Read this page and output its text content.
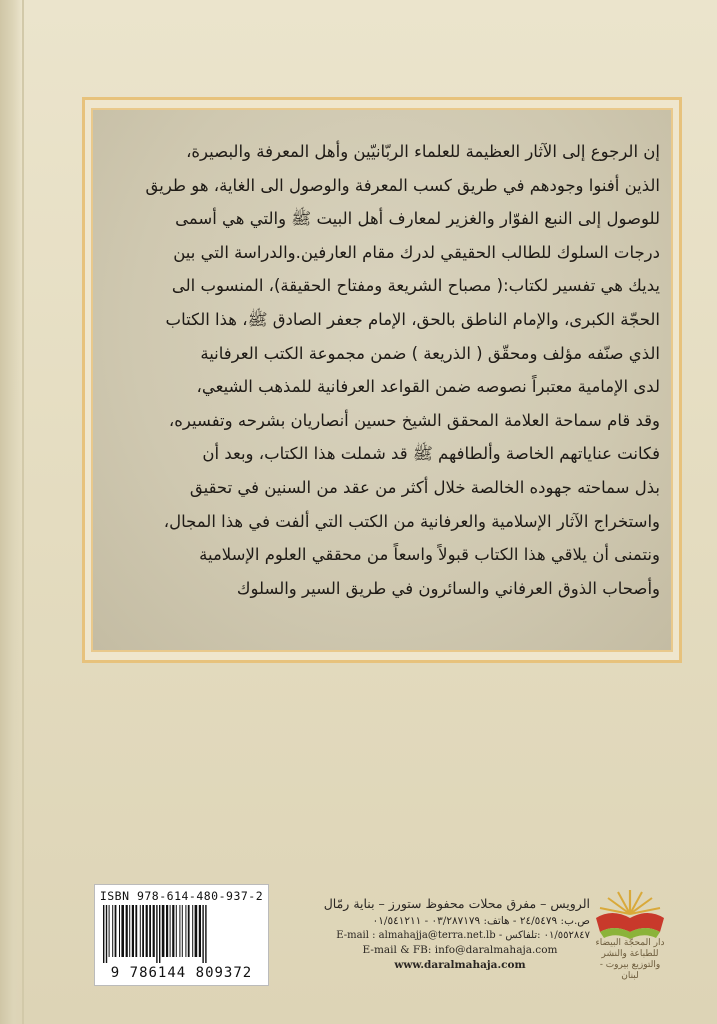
إن الرجوع إلى الآثار العظيمة للعلماء الربّانيّين وأهل المعرفة والبصيرة،

الذين أفنوا وجودهم في طريق كسب المعرفة والوصول الى الغاية، هو طريق

للوصول إلى النبع الفوّار والغزير لمعارف أهل البيت ﷺ والتي هي أسمى

درجات السلوك للطالب الحقيقي لدرك مقام العارفين.والدراسة التي بين

يديك هي تفسير لكتاب:( مصباح الشريعة ومفتاح الحقيقة)، المنسوب الى

الحجّة الكبرى، والإمام الناطق بالحق، الإمام جعفر الصادق ﷺ، هذا الكتاب

الذي صنّفه مؤلف ومحقّق ( الذريعة ) ضمن مجموعة الكتب العرفانية

لدى الإمامية معتبراً نصوصه ضمن القواعد العرفانية للمذهب الشيعي،

وقد قام سماحة العلامة المحقق الشيخ حسين أنصاريان بشرحه وتفسيره،

فكانت عناياتهم الخاصة وألطافهم ﷺ قد شملت هذا الكتاب، وبعد أن

بذل سماحته جهوده الخالصة خلال أكثر من عقد من السنين في تحقيق

واستخراج الآثار الإسلامية والعرفانية من الكتب التي ألفت في هذا المجال،

ونتمنى أن يلاقي هذا الكتاب قبولاً واسعاً من محققي العلوم الإسلامية

وأصحاب الذوق العرفاني والسائرون في طريق السير والسلوك

ISBN 978-614-480-937-2
9 786144 809372
الرويس – مفرق محلات محفوظ ستورز – بناية رمّال
ص.ب: ٢٤/٥٤٧٩ - هاتف: ٠٣/٢٨٧١٧٩ - ٠١/٥٤١٢١١
E-mail : almahajja@terra.net.lb - ٠١/٥٥٢٨٤٧ :تلفاكس
E-mail & FB: info@daralmahaja.com
www.daralmahaja.com
دار المحجّة البيضاء
للطباعة والنشر والتوزيع بيروت - لبنان
